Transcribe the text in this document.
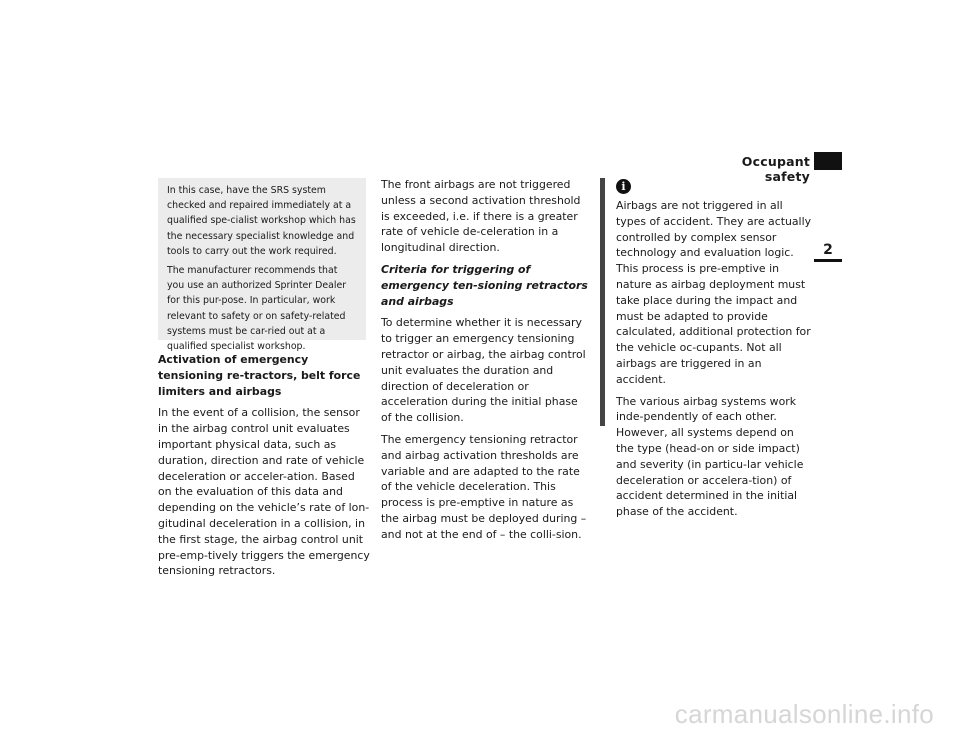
Occupant safety
2

In this case, have the SRS system checked and repaired immediately at a qualified spe-cialist workshop which has the necessary specialist knowledge and tools to carry out the work required.

The manufacturer recommends that you use an authorized Sprinter Dealer for this pur-pose. In particular, work relevant to safety or on safety-related systems must be car-ried out at a qualified specialist workshop.

Activation of emergency tensioning re-tractors, belt force limiters and airbags

In the event of a collision, the sensor in the airbag control unit evaluates important physical data, such as duration, direction and rate of vehicle deceleration or acceler-ation. Based on the evaluation of this data and depending on the vehicle’s rate of lon-gitudinal deceleration in a collision, in the first stage, the airbag control unit pre-emp-tively triggers the emergency tensioning retractors.

The front airbags are not triggered unless a second activation threshold is exceeded, i.e. if there is a greater rate of vehicle de-celeration in a longitudinal direction.

Criteria for triggering of emergency ten-sioning retractors and airbags

To determine whether it is necessary to trigger an emergency tensioning retractor or airbag, the airbag control unit evaluates the duration and direction of deceleration or acceleration during the initial phase of the collision.

The emergency tensioning retractor and airbag activation thresholds are variable and are adapted to the rate of the vehicle deceleration. This process is pre-emptive in nature as the airbag must be deployed during – and not at the end of – the colli-sion.

i

Airbags are not triggered in all types of accident. They are actually controlled by complex sensor technology and evaluation logic. This process is pre-emptive in nature as airbag deployment must take place during the impact and must be adapted to provide calculated, additional protection for the vehicle oc-cupants. Not all airbags are triggered in an accident.

The various airbag systems work inde-pendently of each other. However, all systems depend on the type (head-on or side impact) and severity (in particu-lar vehicle deceleration or accelera-tion) of accident determined in the initial phase of the accident.

carmanualsonline.info
